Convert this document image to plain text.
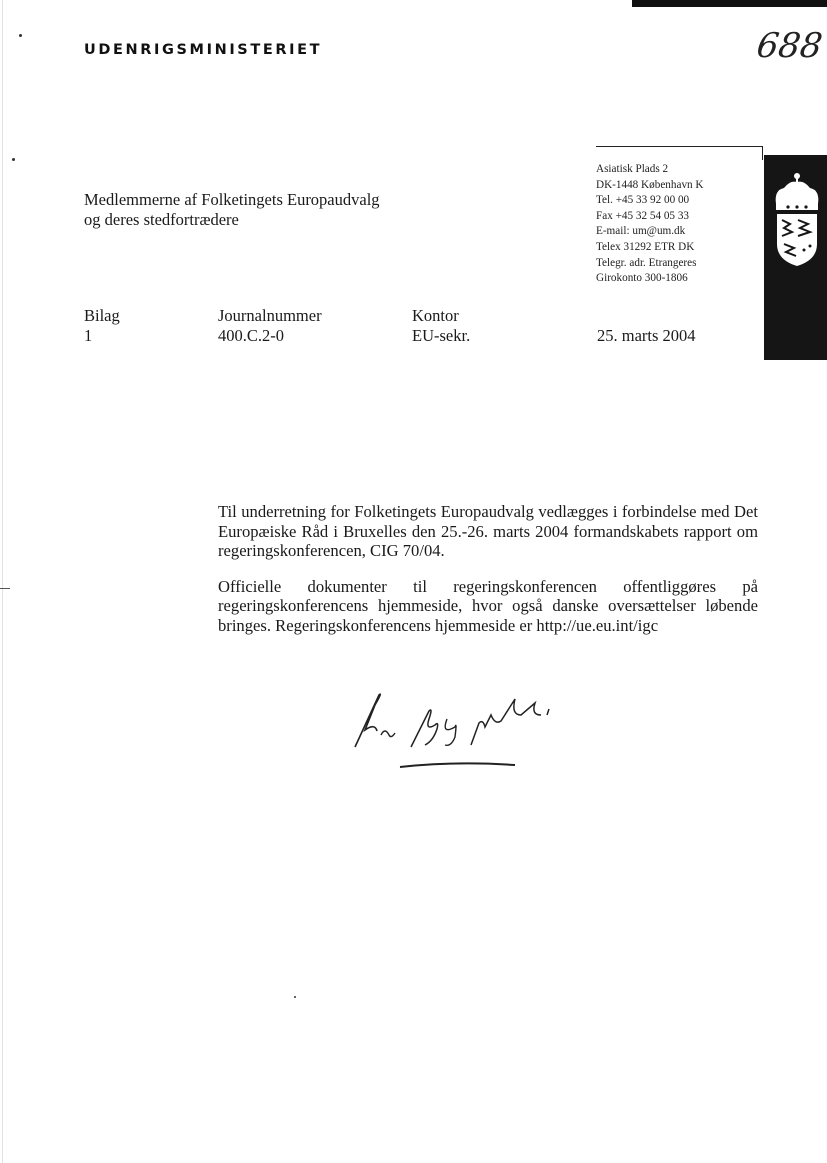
UDENRIGSMINISTERIET	688
Medlemmerne af Folketingets Europaudvalg
og deres stedfortrædere
Asiatisk Plads 2
DK-1448 København K
Tel. +45 33 92 00 00
Fax +45 32 54 05 33
E-mail: um@um.dk
Telex 31292 ETR DK
Telegr. adr. Etrangeres
Girokonto 300-1806
Bilag
1
Journalnummer
400.C.2-0
Kontor
EU-sekr.	25. marts 2004

Til underretning for Folketingets Europaudvalg vedlægges i forbindelse med Det Europæiske Råd i Bruxelles den 25.-26. marts 2004 formandskabets rapport om regeringskonferencen, CIG 70/04.

Officielle dokumenter til regeringskonferencen offentliggøres på regeringskonferencens hjemmeside, hvor også danske oversættelser løbende bringes. Regeringskonferencens hjemmeside er http://ue.eu.int/igc
